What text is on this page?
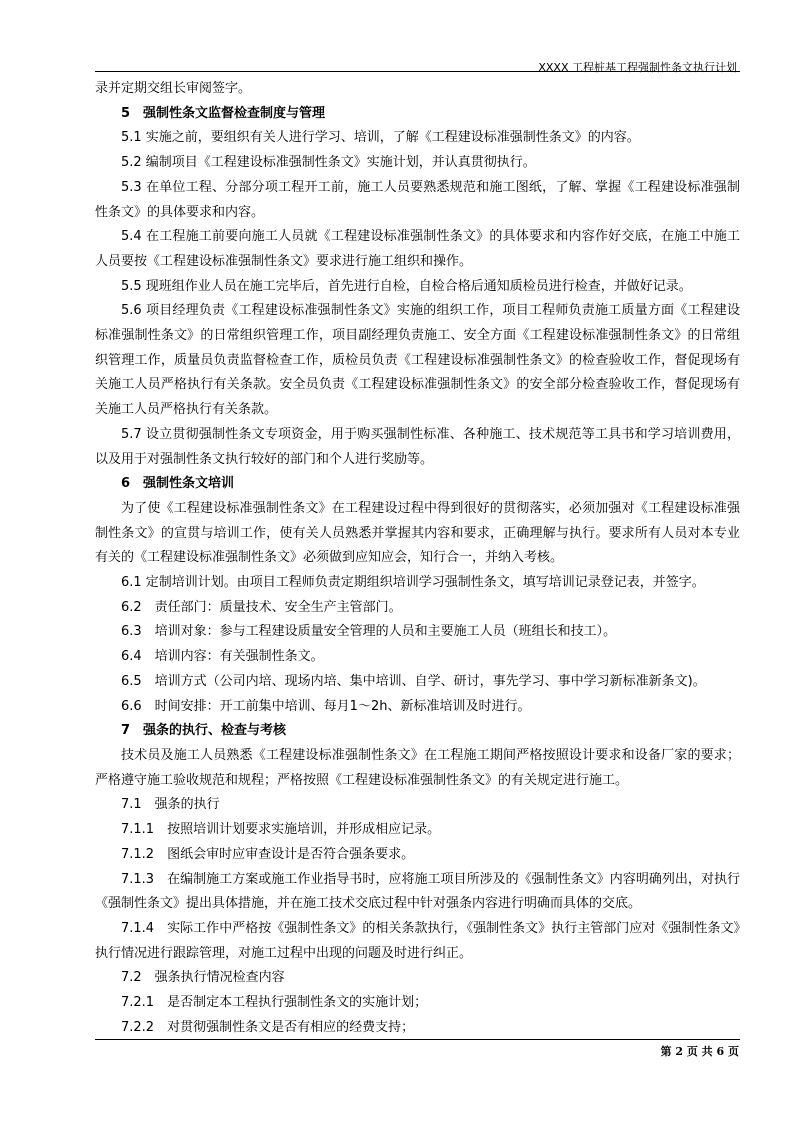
XXXX 工程桩基工程强制性条文执行计划

录并定期交组长审阅签字。

5　强制性条文监督检查制度与管理

5.1 实施之前，要组织有关人进行学习、培训，了解《工程建设标准强制性条文》的内容。

5.2 编制项目《工程建设标准强制性条文》实施计划，并认真贯彻执行。

5.3 在单位工程、分部分项工程开工前，施工人员要熟悉规范和施工图纸，了解、掌握《工程建设标准强制性条文》的具体要求和内容。

5.4 在工程施工前要向施工人员就《工程建设标准强制性条文》的具体要求和内容作好交底，在施工中施工人员要按《工程建设标准强制性条文》要求进行施工组织和操作。

5.5 现班组作业人员在施工完毕后，首先进行自检，自检合格后通知质检员进行检查，并做好记录。

5.6 项目经理负责《工程建设标准强制性条文》实施的组织工作，项目工程师负责施工质量方面《工程建设标准强制性条文》的日常组织管理工作，项目副经理负责施工、安全方面《工程建设标准强制性条文》的日常组织管理工作，质量员负责监督检查工作，质检员负责《工程建设标准强制性条文》的检查验收工作，督促现场有关施工人员严格执行有关条款。安全员负责《工程建设标准强制性条文》的安全部分检查验收工作，督促现场有关施工人员严格执行有关条款。

5.7 设立贯彻强制性条文专项资金，用于购买强制性标准、各种施工、技术规范等工具书和学习培训费用，以及用于对强制性条文执行较好的部门和个人进行奖励等。

6　强制性条文培训

为了使《工程建设标准强制性条文》在工程建设过程中得到很好的贯彻落实，必须加强对《工程建设标准强制性条文》的宣贯与培训工作，使有关人员熟悉并掌握其内容和要求，正确理解与执行。要求所有人员对本专业有关的《工程建设标准强制性条文》必须做到应知应会，知行合一，并纳入考核。

6.1 定制培训计划。由项目工程师负责定期组织培训学习强制性条文，填写培训记录登记表，并签字。

6.2　责任部门：质量技术、安全生产主管部门。

6.3　培训对象：参与工程建设质量安全管理的人员和主要施工人员（班组长和技工）。

6.4　培训内容：有关强制性条文。

6.5　培训方式（公司内培、现场内培、集中培训、自学、研讨，事先学习、事中学习新标准新条文)。

6.6　时间安排：开工前集中培训、每月1～2h、新标准培训及时进行。

7　强条的执行、检查与考核

技术员及施工人员熟悉《工程建设标准强制性条文》在工程施工期间严格按照设计要求和设备厂家的要求；严格遵守施工验收规范和规程；严格按照《工程建设标准强制性条文》的有关规定进行施工。

7.1　强条的执行

7.1.1　按照培训计划要求实施培训，并形成相应记录。

7.1.2　图纸会审时应审查设计是否符合强条要求。

7.1.3　在编制施工方案或施工作业指导书时，应将施工项目所涉及的《强制性条文》内容明确列出，对执行《强制性条文》提出具体措施，并在施工技术交底过程中针对强条内容进行明确而具体的交底。

7.1.4　实际工作中严格按《强制性条文》的相关条款执行，《强制性条文》执行主管部门应对《强制性条文》执行情况进行跟踪管理，对施工过程中出现的问题及时进行纠正。

7.2　强条执行情况检查内容

7.2.1　是否制定本工程执行强制性条文的实施计划；

7.2.2　对贯彻强制性条文是否有相应的经费支持；

第 2 页 共 6 页
